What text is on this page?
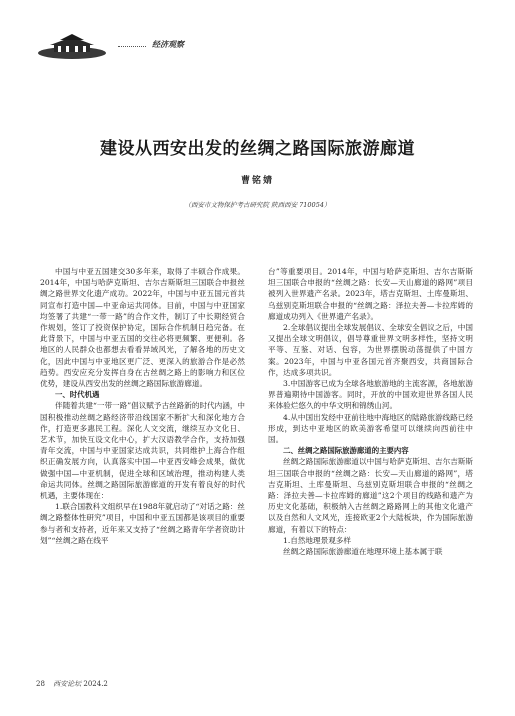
经济观察
建设从西安出发的丝绸之路国际旅游廊道
曹铭婧
（西安市文物保护考古研究院 陕西西安 710054）

中国与中亚五国建交30多年来，取得了丰硕合作成果。2014年，中国与哈萨克斯坦、吉尔吉斯斯坦三国联合申报丝绸之路世界文化遗产成功。2022年，中国与中亚五国元首共同宣布打造中国—中亚命运共同体。目前，中国与中亚国家均签署了共建“一带一路”的合作文件，制订了中长期经贸合作规划，签订了投资保护协定，国际合作机制日趋完备。在此背景下，中国与中亚五国的交往必将更频繁、更便利。各地区的人民群众也都想去看看异域风光，了解各地的历史文化，因此中国与中亚地区更广泛、更深入的旅游合作是必然趋势。西安应充分发挥自身在古丝绸之路上的影响力和区位优势，建设从西安出发的丝绸之路国际旅游廊道。

一、时代机遇

伴随着共建“一带一路”倡议赋予古丝路新的时代内涵，中国积极推动丝绸之路经济带沿线国家不断扩大和深化地方合作，打造更多惠民工程。深化人文交流，继续互办文化日、艺术节，加快互设文化中心，扩大汉语教学合作，支持加强青年交流，中国与中亚国家达成共识，共同维护上海合作组织正确发展方向，认真落实中国—中亚西安峰会成果，做优做强中国—中亚机制，促进全球和区域治理，推动构建人类命运共同体。丝绸之路国际旅游廊道的开发有着良好的时代机遇，主要体现在：

1.联合国教科文组织早在1988年就启动了“对话之路：丝绸之路整体性研究”项目，中国和中亚五国都是该项目的重要参与者和支持者，近年来又支持了“丝绸之路青年学者资助计划”“丝绸之路在线平

台”等重要项目。2014年，中国与哈萨克斯坦、吉尔吉斯斯坦三国联合申报的“丝绸之路：长安—天山廊道的路网”项目被列入世界遗产名录。2023年，塔吉克斯坦、土库曼斯坦、乌兹别克斯坦联合申报的“丝绸之路：泽拉夫善—卡拉库姆的廊道成功列入《世界遗产名录》。

2.全球倡议提出全球发展倡议、全球安全倡议之后，中国又提出全球文明倡议，倡导尊重世界文明多样性，坚持文明平等、互鉴、对话、包容，为世界摆脱动荡提供了中国方案。2023年，中国与中亚各国元首齐聚西安，共商国际合作，达成多项共识。

3.中国游客已成为全球各地旅游地的主流客源，各地旅游界普遍期待中国游客。同时，开放的中国欢迎世界各国人民来体验烂悠久的中华文明和锦绣山河。

4.从中国出发经中亚前往地中海地区的陆路旅游线路已经形成，到达中亚地区的欧美游客希望可以继续向西前往中国。

二、丝绸之路国际旅游廊道的主要内容

丝绸之路国际旅游廊道以中国与哈萨克斯坦、吉尔吉斯斯坦三国联合申报的“丝绸之路：长安—天山廊道的路网”，塔吉克斯坦、土库曼斯坦、乌兹别克斯坦联合申报的“丝绸之路：泽拉夫善—卡拉库姆的廊道”这2个项目的线路和遗产为历史文化基础，积极纳入古丝绸之路路网上的其他文化遗产以及自然和人文风光，连接欧亚2个大陆板块，作为国际旅游廊道，有着以下的特点：

1.自然地理景观多样

丝绸之路国际旅游廊道在地理环境上基本属于联

28 西安论坛 2024.2
